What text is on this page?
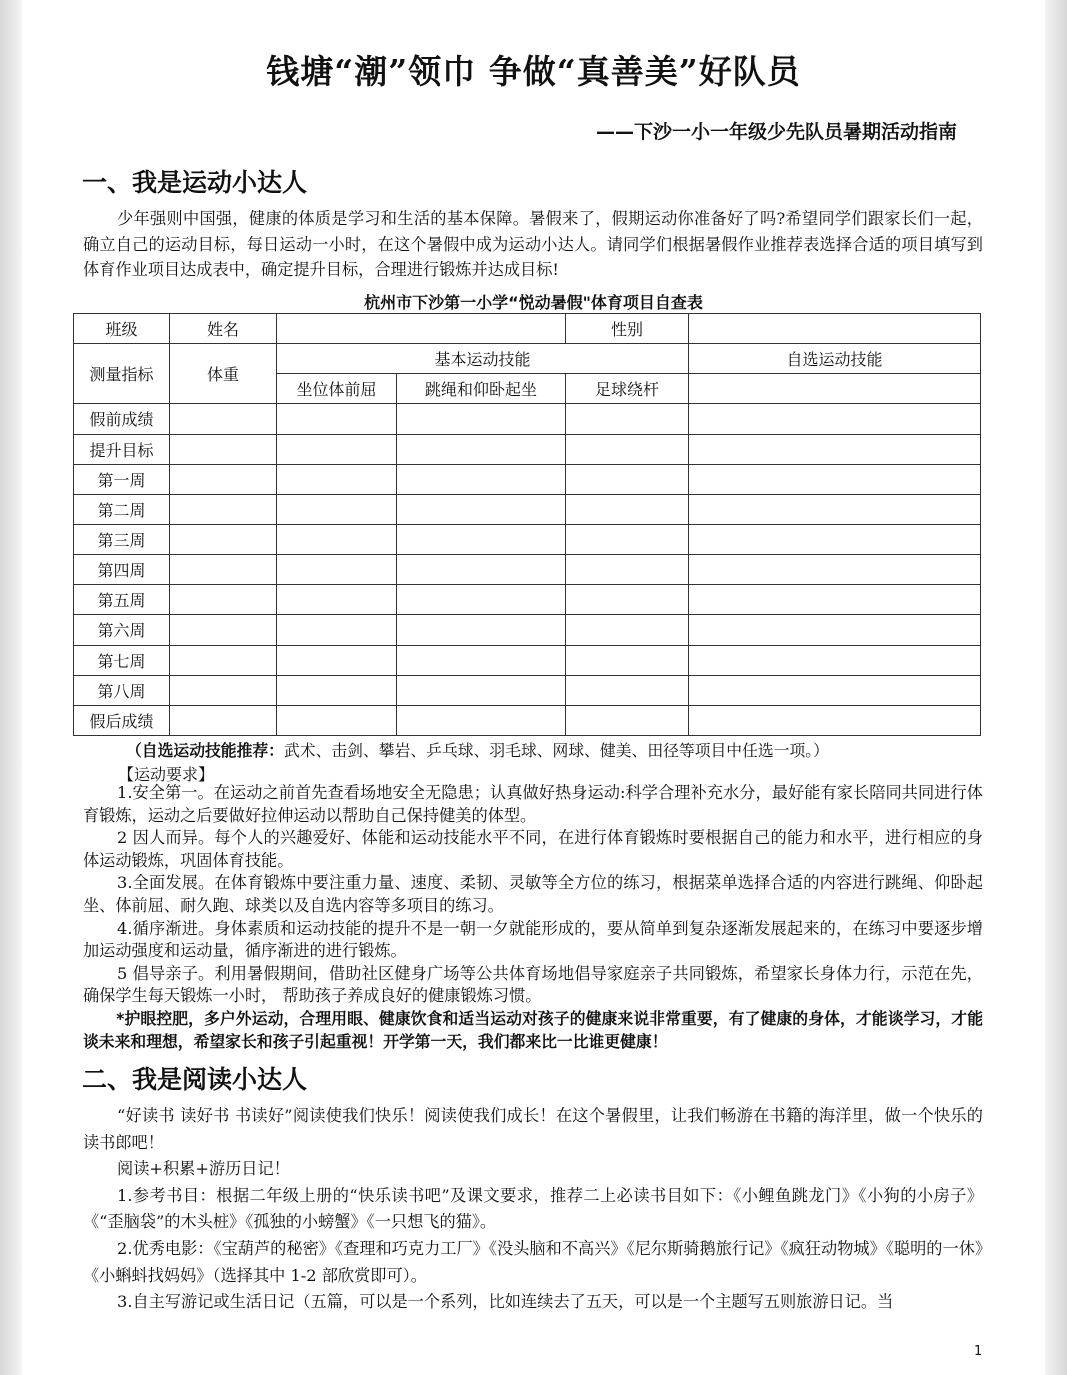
钱塘“潮”领巾 争做“真善美”好队员
——下沙一小一年级少先队员暑期活动指南
一、我是运动小达人

少年强则中国强，健康的体质是学习和生活的基本保障。暑假来了，假期运动你准备好了吗?希望同学们跟家长们一起，确立自己的运动目标，每日运动一小时，在这个暑假中成为运动小达人。请同学们根据暑假作业推荐表选择合适的项目填写到体育作业项目达成表中，确定提升目标，合理进行锻炼并达成目标!

杭州市下沙第一小学“悦动暑假"体育项目自查表
班级	姓名			性别	
测量指标	体重	基本运动技能			自选运动技能
		坐位体前屈	跳绳和仰卧起坐	足球绕杆	
假前成绩					
提升目标					
第一周					
第二周					
第三周					
第四周					
第五周					
第六周					
第七周					
第八周					
假后成绩					
（自选运动技能推荐：武术、击剑、攀岩、乒乓球、羽毛球、网球、健美、田径等项目中任选一项。）
【运动要求】

1.安全第一。在运动之前首先查看场地安全无隐患；认真做好热身运动:科学合理补充水分，最好能有家长陪同共同进行体育锻炼，运动之后要做好拉伸运动以帮助自己保持健美的体型。

2 因人而异。每个人的兴趣爱好、体能和运动技能水平不同，在进行体育锻炼时要根据自己的能力和水平，进行相应的身体运动锻炼，巩固体育技能。

3.全面发展。在体育锻炼中要注重力量、速度、柔韧、灵敏等全方位的练习，根据菜单选择合适的内容进行跳绳、仰卧起坐、体前屈、耐久跑、球类以及自选内容等多项目的练习。

4.循序渐进。身体素质和运动技能的提升不是一朝一夕就能形成的，要从简单到复杂逐渐发展起来的，在练习中要逐步增加运动强度和运动量，循序渐进的进行锻炼。

5 倡导亲子。利用暑假期间，借助社区健身广场等公共体育场地倡导家庭亲子共同锻炼，希望家长身体力行，示范在先，确保学生每天锻炼一小时， 帮助孩子养成良好的健康锻炼习惯。

*护眼控肥，多户外运动，合理用眼、健康饮食和适当运动对孩子的健康来说非常重要，有了健康的身体，才能谈学习，才能谈未来和理想，希望家长和孩子引起重视！开学第一天，我们都来比一比谁更健康！

二、我是阅读小达人

“好读书 读好书 书读好”阅读使我们快乐！阅读使我们成长！在这个暑假里，让我们畅游在书籍的海洋里，做一个快乐的读书郎吧！

阅读+积累+游历日记！

1.参考书目：根据二年级上册的“快乐读书吧”及课文要求，推荐二上必读书目如下：《小鲤鱼跳龙门》《小狗的小房子》《“歪脑袋”的木头桩》《孤独的小螃蟹》《一只想飞的猫》。

2.优秀电影：《宝葫芦的秘密》《查理和巧克力工厂》《没头脑和不高兴》《尼尔斯骑鹅旅行记》《疯狂动物城》《聪明的一休》《小蝌蚪找妈妈》（选择其中 1-2 部欣赏即可）。

3.自主写游记或生活日记（五篇，可以是一个系列，比如连续去了五天，可以是一个主题写五则旅游日记。当

1
